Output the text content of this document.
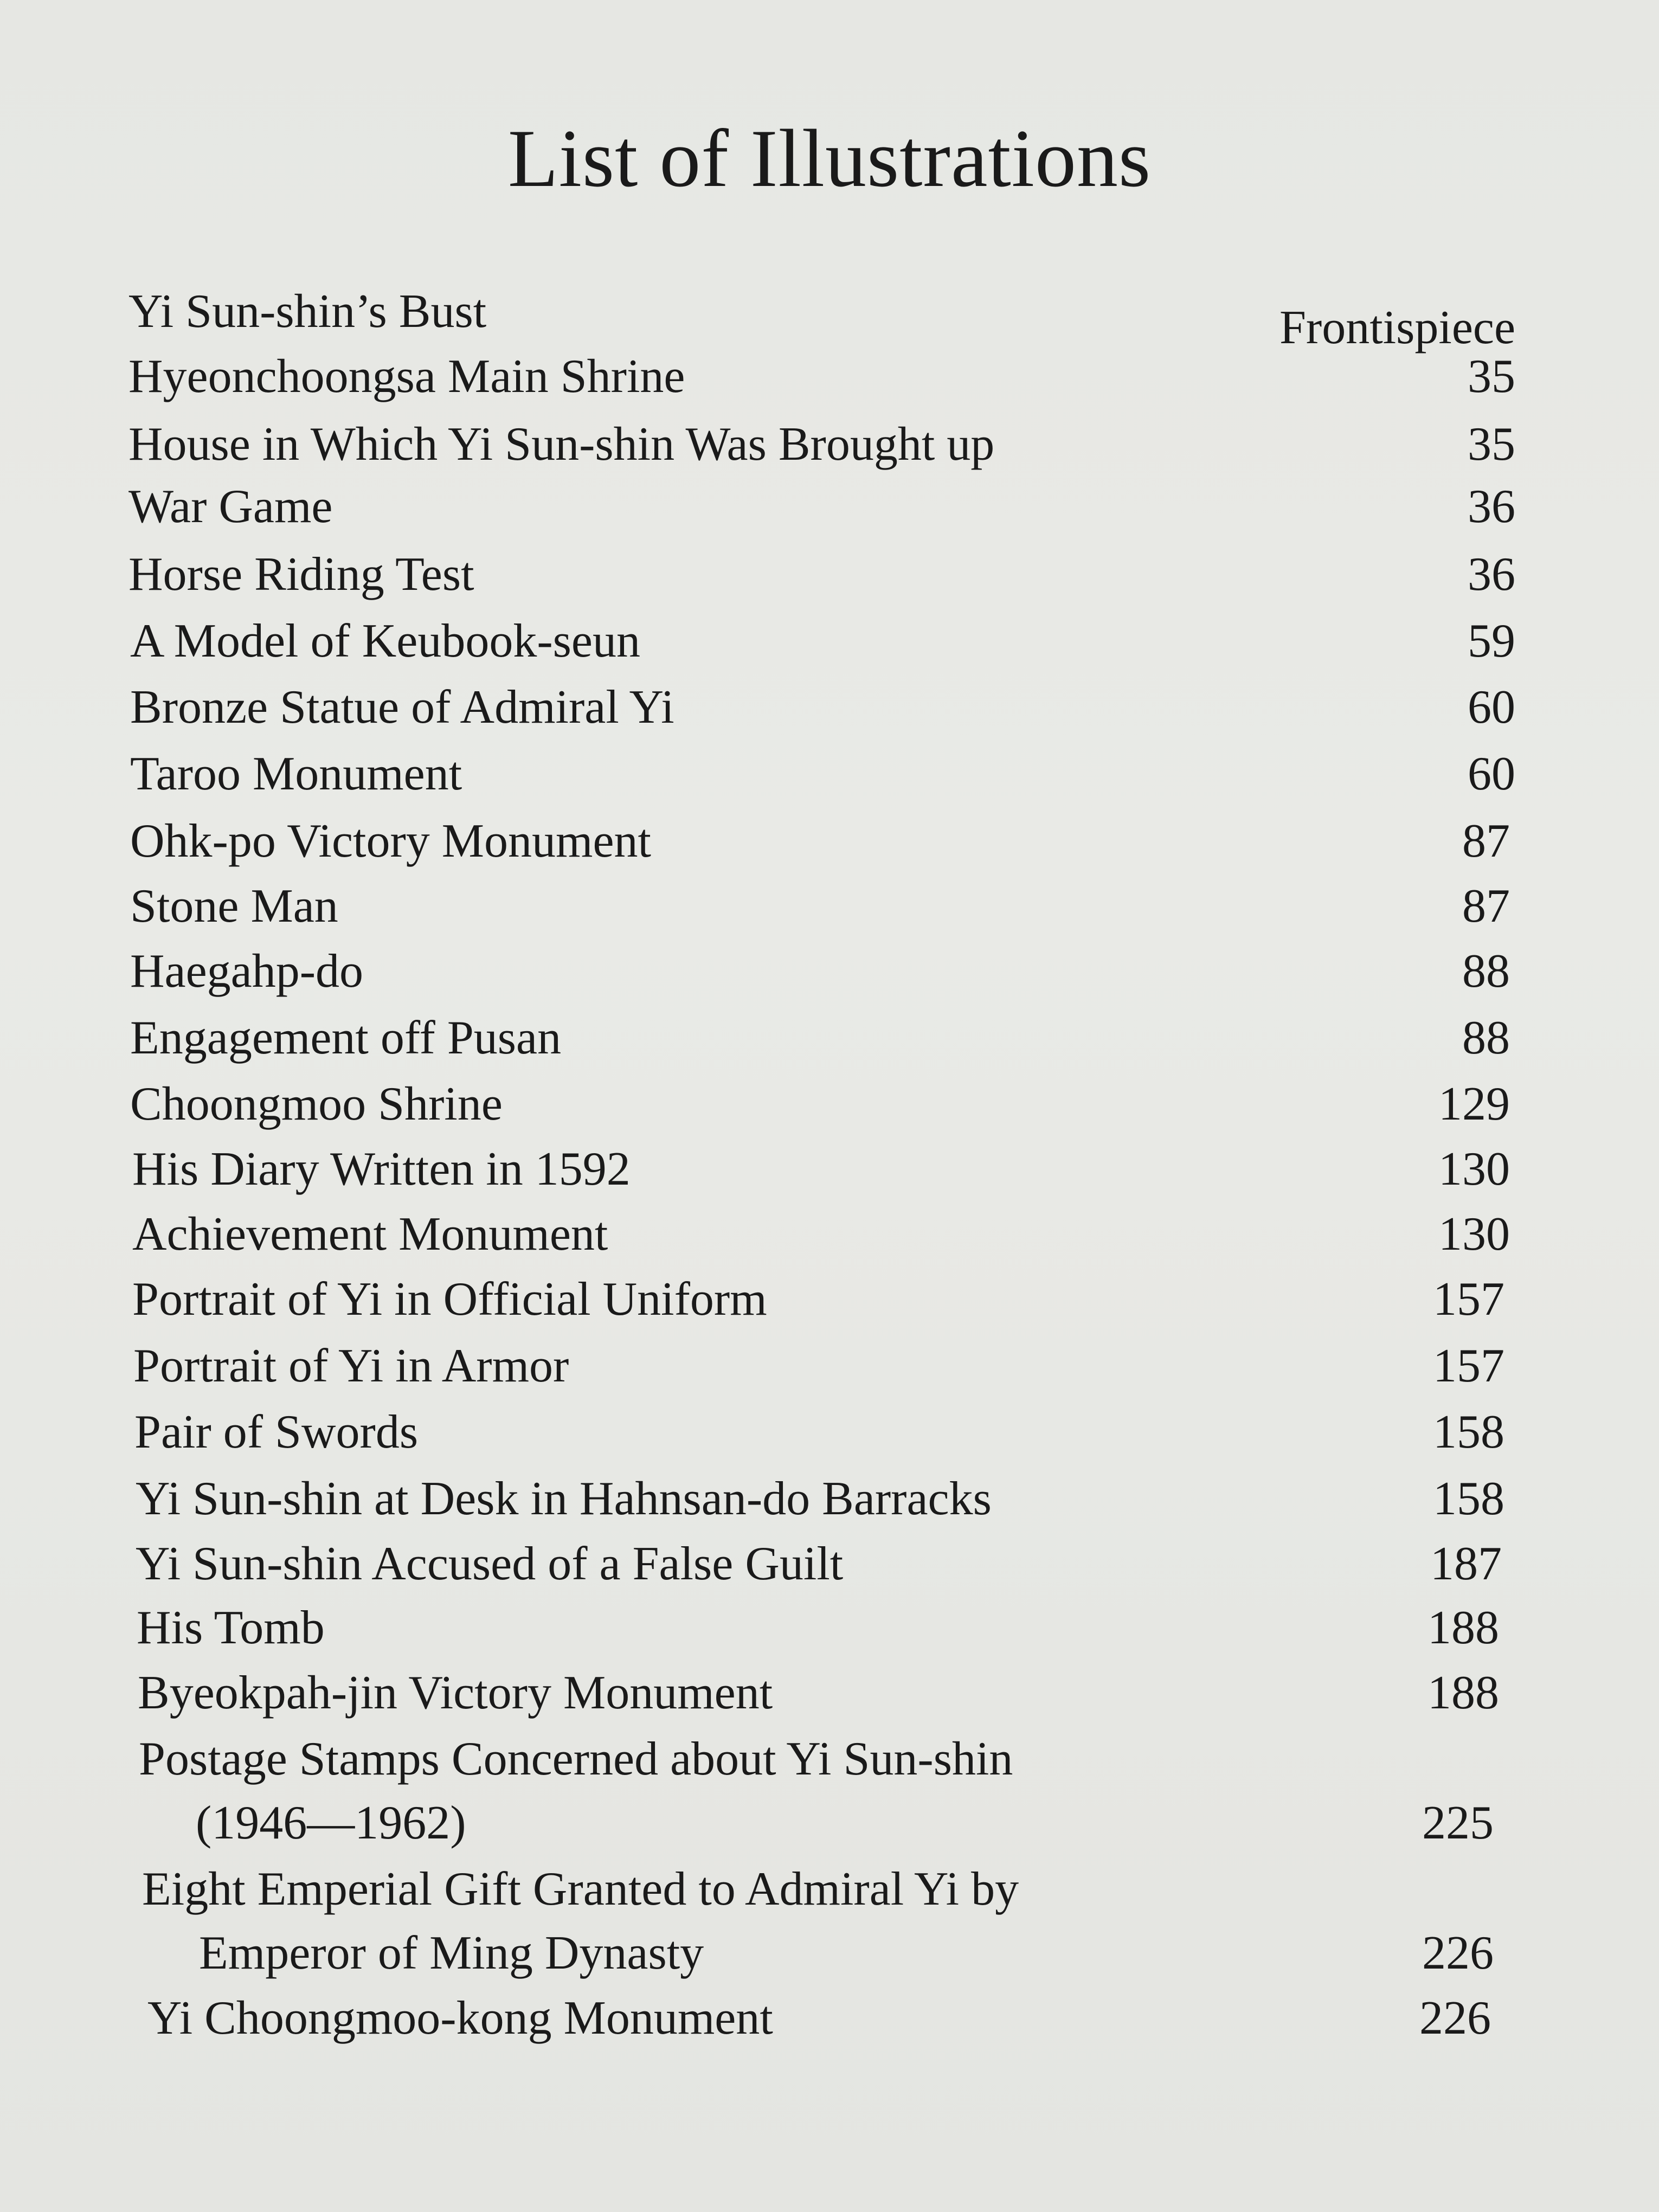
List of Illustrations
Yi Sun-shin’s Bust	Frontispiece
Hyeonchoongsa Main Shrine	35
House in Which Yi Sun-shin Was Brought up	35
War Game	36
Horse Riding Test	36
A Model of Keubook-seun	59
Bronze Statue of Admiral Yi	60
Taroo Monument	60
Ohk-po Victory Monument	87
Stone Man	87
Haegahp-do	88
Engagement off Pusan	88
Choongmoo Shrine	129
His Diary Written in 1592	130
Achievement Monument	130
Portrait of Yi in Official Uniform	157
Portrait of Yi in Armor	157
Pair of Swords	158
Yi Sun-shin at Desk in Hahnsan-do Barracks	158
Yi Sun-shin Accused of a False Guilt	187
His Tomb	188
Byeokpah-jin Victory Monument	188
Postage Stamps Concerned about Yi Sun-shin
(1946—1962)	225
Eight Emperial Gift Granted to Admiral Yi by
Emperor of Ming Dynasty	226
Yi Choongmoo-kong Monument	226
